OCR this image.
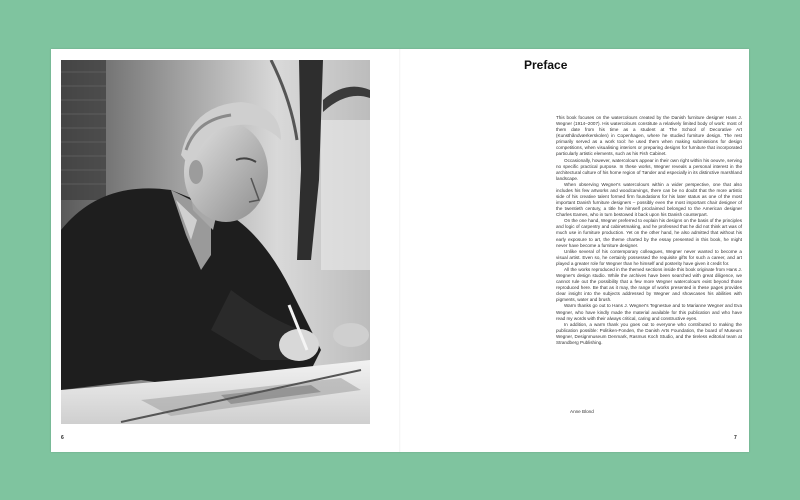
6
Preface

This book focuses on the watercolours created by the Danish furniture designer Hans J. Wegner (1914–2007). His watercolours constitute a relatively limited body of work: most of them date from his time as a student at The School of Decorative Art (Kunsthåndværkerskolen) in Copenhagen, where he studied furniture design. The rest primarily served as a work tool: he used them when making submissions for design competitions, when visualising interiors or preparing designs for furniture that incorporated particularly artistic elements, such as his Fish Cabinet.

Occasionally, however, watercolours appear in their own right within his oeuvre, serving no specific practical purpose. In these works, Wegner reveals a personal interest in the architectural culture of his home region of Tønder and especially in its distinctive marshland landscape.

When observing Wegner's watercolours within a wider perspective, one that also includes his few artworks and woodcarvings, there can be no doubt that the more artistic side of his creative talent formed firm foundations for his later status as one of the most important Danish furniture designers – possibly even the most important chair designer of the twentieth century, a title he himself proclaimed belonged to the American designer Charles Eames, who in turn bestowed it back upon his Danish counterpart.

On the one hand, Wegner preferred to explain his designs on the basis of the principles and logic of carpentry and cabinetmaking, and he professed that he did not think art was of much use in furniture production. Yet on the other hand, he also admitted that without his early exposure to art, the theme charted by the essay presented in this book, he might never have become a furniture designer.

Unlike several of his contemporary colleagues, Wegner never wanted to become a visual artist. Even so, he certainly possessed the requisite gifts for such a career, and art played a greater role for Wegner than he himself and posterity have given it credit for.

All the works reproduced in the themed sections inside this book originate from Hans J. Wegner's design studio. While the archives have been searched with great diligence, we cannot rule out the possibility that a few more Wegner watercolours exist beyond those reproduced here. Be that as it may, the range of works presented in these pages provides clear insight into the subjects addressed by Wegner and showcases his abilities with pigments, water and brush.

Warm thanks go out to Hans J. Wegner's Tegnestue and to Marianne Wegner and Eva Wegner, who have kindly made the material available for this publication and who have read my words with their always critical, caring and constructive eyes.

In addition, a warm thank you goes out to everyone who contributed to making the publication possible: Politiken-Fonden, the Danish Arts Foundation, the board of Museum Wegner, Designmuseum Denmark, Rasmus Koch Studio, and the tireless editorial team at Strandberg Publishing.

Anne Blond
7
